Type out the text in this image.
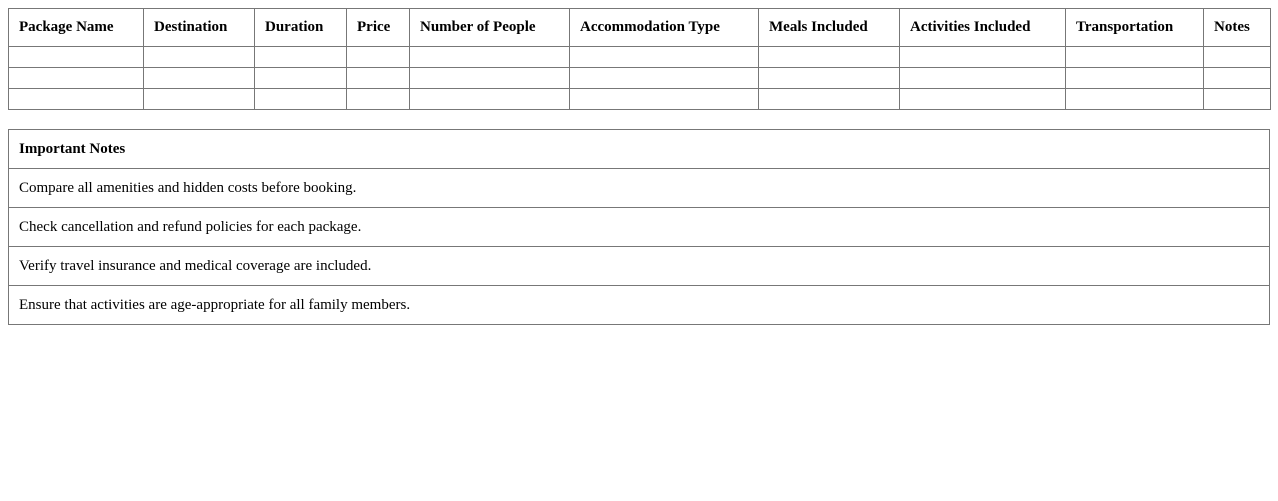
Package Name	Destination	Duration	Price	Number of People	Accommodation Type	Meals Included	Activities Included	Transportation	Notes

Important Notes
Compare all amenities and hidden costs before booking.
Check cancellation and refund policies for each package.
Verify travel insurance and medical coverage are included.
Ensure that activities are age-appropriate for all family members.
